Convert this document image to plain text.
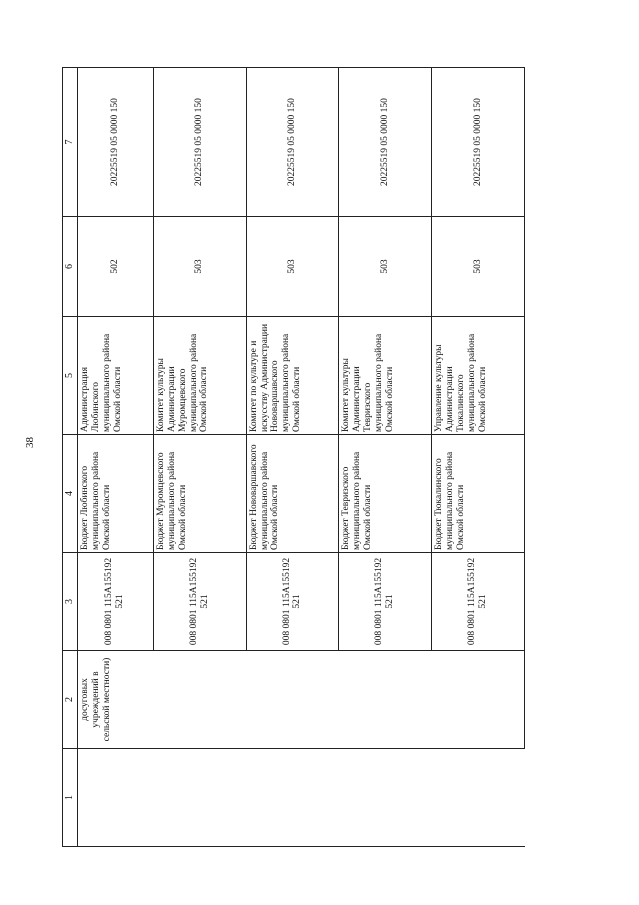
38
1	2	3	4	5	6	7
	досуговых учреждений в сельской местности)	008 0801 115A155192 521	Бюджет Любинского муниципального района Омской области	Администрация Любинского муниципального района Омской области	502	20225519 05 0000 150
		008 0801 115A155192 521	Бюджет Муромцевского муниципального района Омской области	Комитет культуры Администрации Муромцевского муниципального района Омской области	503	20225519 05 0000 150
		008 0801 115A155192 521	Бюджет Нововаршавского муниципального района Омской области	Комитет по культуре и искусству Администрации Нововаршавского муниципального района Омской области	503	20225519 05 0000 150
		008 0801 115A155192 521	Бюджет Тевризского муниципального района Омской области	Комитет культуры Администрации Тевризского муниципального района Омской области	503	20225519 05 0000 150
		008 0801 115A155192 521	Бюджет Тюкалинского муниципального района Омской области	Управление культуры Администрации Тюкалинского муниципального района Омской области	503	20225519 05 0000 150
